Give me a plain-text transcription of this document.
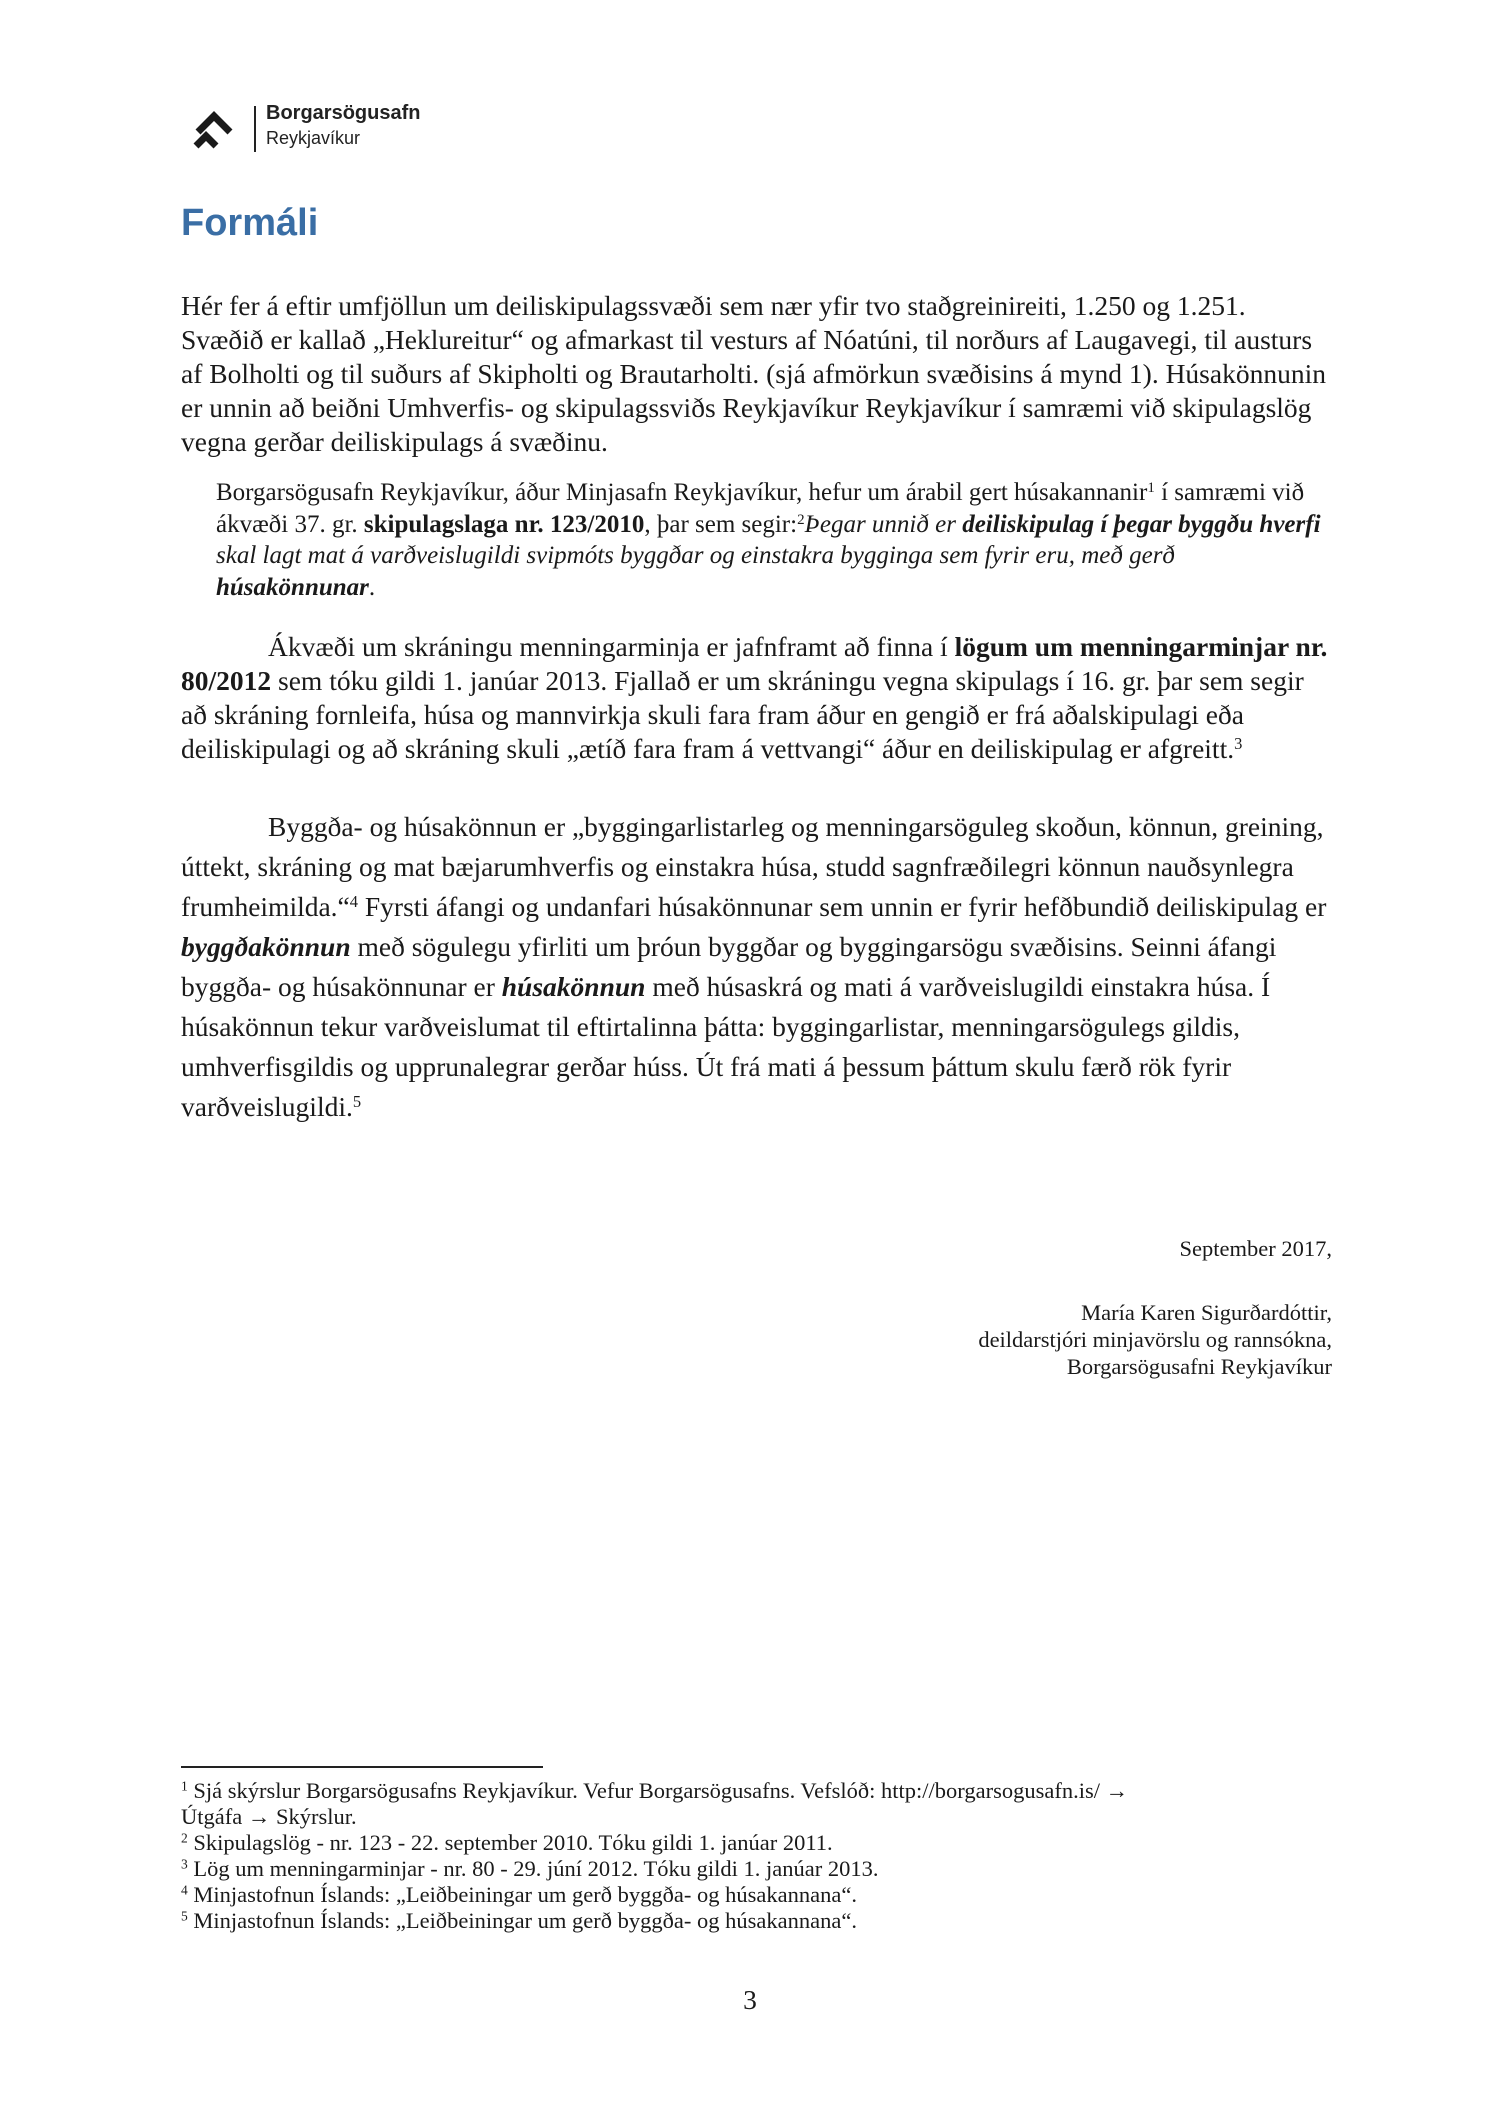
Borgarsögusafn
Reykjavíkur
Formáli

Hér fer á eftir umfjöllun um deiliskipulagssvæði sem nær yfir tvo staðgreinireiti, 1.250 og 1.251. Svæðið er kallað „Heklureitur“ og afmarkast til vesturs af Nóatúni, til norðurs af Laugavegi, til austurs af Bolholti og til suðurs af Skipholti og Brautarholti. (sjá afmörkun svæðisins á mynd 1). Húsakönnunin er unnin að beiðni Umhverfis- og skipulagssviðs Reykjavíkur Reykjavíkur í samræmi við skipulagslög vegna gerðar deiliskipulags á svæðinu.

Borgarsögusafn Reykjavíkur, áður Minjasafn Reykjavíkur, hefur um árabil gert húsakannanir$^1$ í samræmi við ákvæði 37. gr. skipulagslaga nr. 123/2010, þar sem segir:$^2$Þegar unnið er deiliskipulag í þegar byggðu hverfi skal lagt mat á varðveislugildi svipmóts byggðar og einstakra bygginga sem fyrir eru, með gerð húsakönnunar.

Ákvæði um skráningu menningarminja er jafnframt að finna í lögum um menningarminjar nr. 80/2012 sem tóku gildi 1. janúar 2013. Fjallað er um skráningu vegna skipulags í 16. gr. þar sem segir að skráning fornleifa, húsa og mannvirkja skuli fara fram áður en gengið er frá aðalskipulagi eða deiliskipulagi og að skráning skuli „ætíð fara fram á vettvangi“ áður en deiliskipulag er afgreitt.$^3$

Byggða- og húsakönnun er „byggingarlistarleg og menningarsöguleg skoðun, könnun, greining, úttekt, skráning og mat bæjarumhverfis og einstakra húsa, studd sagnfræðilegri könnun nauðsynlegra frumheimilda.“$^4$ Fyrsti áfangi og undanfari húsakönnunar sem unnin er fyrir hefðbundið deiliskipulag er byggðakönnun með sögulegu yfirliti um þróun byggðar og byggingarsögu svæðisins. Seinni áfangi byggða- og húsakönnunar er húsakönnun með húsaskrá og mati á varðveislugildi einstakra húsa. Í húsakönnun tekur varðveislumat til eftirtalinna þátta: byggingarlistar, menningarsögulegs gildis, umhverfisgildis og upprunalegrar gerðar húss. Út frá mati á þessum þáttum skulu færð rök fyrir varðveislugildi.$^5$

September 2017,
María Karen Sigurðardóttir,
deildarstjóri minjavörslu og rannsókna,
Borgarsögusafni Reykjavíkur
$^1$ Sjá skýrslur Borgarsögusafns Reykjavíkur. Vefur Borgarsögusafns. Vefslóð: http://borgarsogusafn.is/ →
Útgáfa → Skýrslur.
$^2$ Skipulagslög - nr. 123 - 22. september 2010. Tóku gildi 1. janúar 2011.
$^3$ Lög um menningarminjar - nr. 80 - 29. júní 2012. Tóku gildi 1. janúar 2013.
$^4$ Minjastofnun Íslands: „Leiðbeiningar um gerð byggða- og húsakannana“.
$^5$ Minjastofnun Íslands: „Leiðbeiningar um gerð byggða- og húsakannana“.
3
